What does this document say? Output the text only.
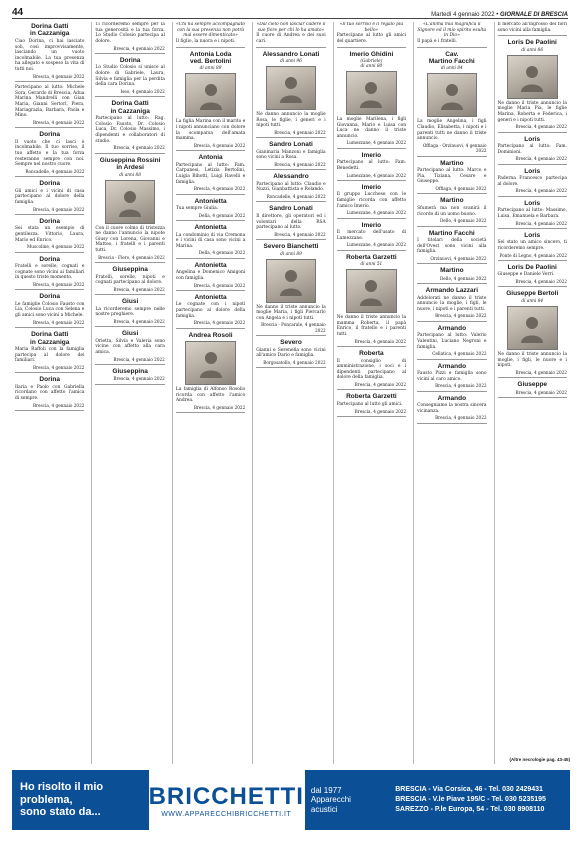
44	Martedì 4 gennaio 2022 • GIORNALE DI BRESCIA
Dorina Gatti
in Cazzaniga

Ciao Dorina, ci hai lasciato soli, così improvvisamente, lasciando un vuoto incolmabile. La tua presenza ha allegato e sospeso la vita di tutti noi.

Brescia, 4 gennaio 2022

Partecipano al lutto: Michele Sora, Gerardo di Brescia, Adua Marina Mandrelli con Gian Maria, Gianni Sertori, Piera, Mariagrazia, Barbara, Paola e Mino.

Brescia, 4 gennaio 2022

Dorina

Il vuoto che ci lasci è incolmabile. Il tuo sorriso, il tuo affetto e la tua forza resteranno sempre con noi. Sempre nel nostro cuore.

Roncadelle, 4 gennaio 2022

Dorina

Gli amici e i vicini di casa partecipano al dolore della famiglia.

Brescia, 4 gennaio 2022

Dorina

Sei stata un esempio di gentilezza. Vittorio, Laura, Mario ed Enrico.

Muscoline, 4 gennaio 2022

Dorina

Fratelli e sorelle, cognati e cognate sono vicini ai familiari in questo triste momento.

Brescia, 4 gennaio 2022

Dorina

Le famiglie Colosio Fausto con Lia, Colosio Luca con Selena e gli amici sono vicini a Michele.

Brescia, 4 gennaio 2022

Dorina Gatti
in Cazzaniga

Maria Raffoli con la famiglia partecipa al dolore dei familiari.

Brescia, 4 gennaio 2022

Dorina

Ilaria e Paolo con Gabriella ricordano con affetto l'amica di sempre.

Brescia, 4 gennaio 2022

Ti ricorderemo sempre per la tua generosità e la tua forza. Lo Studio Colosio partecipa al dolore.

Brescia, 4 gennaio 2022

Dorina

Lo Studio Colosio si unisce al dolore di Gabriele, Laura, Silvia e famiglia per la perdita della cara Dorina.

Iseo, 4 gennaio 2022

Dorina Gatti
in Cazzaniga

Partecipano al lutto: Rag. Colosio Fausto, Dr. Colosio Luca, Dr. Colosio Massimo, i dipendenti e collaboratori di studio.

Brescia, 4 gennaio 2022

Giuseppina Rossini
in Ardesi

di anni 88

Con il cuore colmo di tristezza ne danno l'annuncio la nipote Giusy con Lorena, Giovanni e Matteo, i fratelli e i parenti tutti.

Brescia - Flero, 4 gennaio 2022

Giuseppina

Fratelli, sorelle, nipoti e cognati partecipano al dolore.

Brescia, 4 gennaio 2022

Giusi

La ricorderemo sempre nelle nostre preghiere.

Brescia, 4 gennaio 2022

Giusi

Orietta, Silvia e Valeria sono vicine con affetto alla cara amica.

Brescia, 4 gennaio 2022

Giuseppina

Brescia, 4 gennaio 2022

«Chi ha sempre accompagnato con la sua presenza non potrà mai essere dimenticato»

Il figlio, la nuora e i nipoti.

Antonia Loda
ved. Bertolini

di anni 89

La figlia Marina con il marito e i nipoti annunciano con dolore la scomparsa dell'amata mamma.

Brescia, 4 gennaio 2022

Antonia

Partecipano al lutto: Fam. Carpanesi, Letizia Bertolini, Luigia Bihotti, Luigi Ravelli e famiglia.

Brescia, 4 gennaio 2022

Antonietta

Tua sempre Giulia.

Della, 4 gennaio 2022

Antonietta

La condominio di via Cremona e i vicini di casa sono vicini a Marina.

Della, 4 gennaio 2022

Antonietta

Angelina e Domenico Amigoni con famiglia.

Brescia, 4 gennaio 2022

Antonietta

Le cognate con i nipoti partecipano al dolore della famiglia.

Brescia, 4 gennaio 2022

Andrea Rosoli

La famiglia di Alfonso Rosolio ricorda con affetto l'amico Andrea.

Brescia, 4 gennaio 2022

«Dal cielo non lasciar cadere il suo fiore per chi lo ha amato»

Il cuore di Andrea e dei suoi cari.

Alessandro Lonati

di anni 96

Ne danno annuncio la moglie Rosa, le figlie, i generi e i nipoti tutti.

Brescia, 4 gennaio 2022

Sandro Lonati

Gianmaria Manzoni e famiglia sono vicini a Rosa.

Brescia, 4 gennaio 2022

Alessandro

Partecipano al lutto: Claudio e Nuzzi, Gianbattista e Rolando.

Roncadelle, 4 gennaio 2022

Sandro Lonati

Il direttore, gli operatori ed i volontari della RSA partecipano al lutto.

Brescia, 4 gennaio 2022

Severo Bianchetti

di anni 89

Ne danno il triste annuncio la moglie Maria, i figli Piercarlo con Angela e i nipoti tutti.

Brescia - Poncarale, 4 gennaio 2022

Severo

Gianni e Serenella sono vicini all'amico Dario e famiglia.

Borgosatollo, 4 gennaio 2022

«Il tuo sorriso è il regalo più bello»

Partecipano al lutto gli amici del quartiere.

Imerio Ghidini

(Gabriele)
di anni 80

La moglie Marilena, i figli Giovanna, Mario e Luisa con Luca ne danno il triste annuncio.

Lumezzane, 4 gennaio 2022

Imerio

Partecipano al lutto: Fam. Benedetti.

Lumezzane, 4 gennaio 2022

Imerio

Il gruppo Lucchese con le famiglie ricorda con affetto l'amico Imerio.

Lumezzane, 4 gennaio 2022

Imerio

Il mercato dell'usato di Lumezzane.

Lumezzane, 4 gennaio 2022

Roberta Garzetti

di anni 51

Ne danno il triste annuncio la mamma Roberta, il papà Enrico, il fratello e i parenti tutti.

Brescia, 4 gennaio 2022

Roberta

Il consiglio di amministrazione, i soci e i dipendenti partecipano al dolore della famiglia.

Brescia, 4 gennaio 2022

Roberta Garzetti

Partecipano al lutto gli amici.

Brescia, 4 gennaio 2022

«L'anima mia magnifica il Signore ed il mio spirito esulta in Dio»

Il papà e i fratelli.

Cav.
Martino Facchi

di anni 84

La moglie Angelina, i figli Claudio, Elisabetta, i nipoti e i parenti tutti ne danno il triste annuncio.

Offlaga - Orzinuovi, 4 gennaio 2022

Martino

Partecipano al lutto: Marco e Pia, Tiziana, Cesare e Giuseppe.

Offlaga, 4 gennaio 2022

Martino

Sfumerà ma non svanirà il ricordo di un uomo buono.

Dello, 4 gennaio 2022

Martino Facchi

I titolari della società dell'Ovest sono vicini alla famiglia.

Orzinuovi, 4 gennaio 2022

Martino

Dello, 4 gennaio 2022

Armando Lazzari

Addolorati ne danno il triste annuncio la moglie, i figli, le nuore, i nipoti e i parenti tutti.

Brescia, 4 gennaio 2022

Armando

Partecipano al lutto: Valerio Valentini, Luciano Negroni e famiglia.

Cellatica, 4 gennaio 2022

Armando

Fausto Pizzi e famiglia sono vicini al caro amico.

Brescia, 4 gennaio 2022

Armando

Consegniamo la nostra sincera vicinanza.

Brescia, 4 gennaio 2022

Il mercato all'ingrosso dei fiori sono vicini alla famiglia.

Loris De Paolini

di anni 86

Ne danno il triste annuncio la moglie Maria Pia, le figlie Marina, Roberta e Federica, i generi e i nipoti tutti.

Brescia, 4 gennaio 2022

Loris

Partecipano al lutto: Fam. Dominioni.

Brescia, 4 gennaio 2022

Loris

Paderna Francesco partecipa al dolore.

Brescia, 4 gennaio 2022

Loris

Partecipano al lutto: Massimo, Luisa, Emanuela e Barbara.

Brescia, 4 gennaio 2022

Loris

Sei stato un amico sincero, ti ricorderemo sempre.

Ponte di Legno, 4 gennaio 2022

Loris De Paolini

Giuseppe e Daniele Verri.

Brescia, 4 gennaio 2022

Giuseppe Bertoli

di anni 84

Ne danno il triste annuncio la moglie, i figli, le nuore e i nipoti.

Brescia, 4 gennaio 2022

Giuseppe

Brescia, 4 gennaio 2022

(Altre necrologie pag. 43-45)
Ho risolto il mio problema,
sono stato da...
BRICCHETTI
WWW.APPARECCHIBRICCHETTI.IT
dal 1977
Apparecchi
acustici
BRESCIA - Via Corsica, 46 - Tel. 030 2429431
BRESCIA - V.le Piave 195/C - Tel. 030 5235195
SAREZZO - P.le Europa, 54 - Tel. 030 8908110
